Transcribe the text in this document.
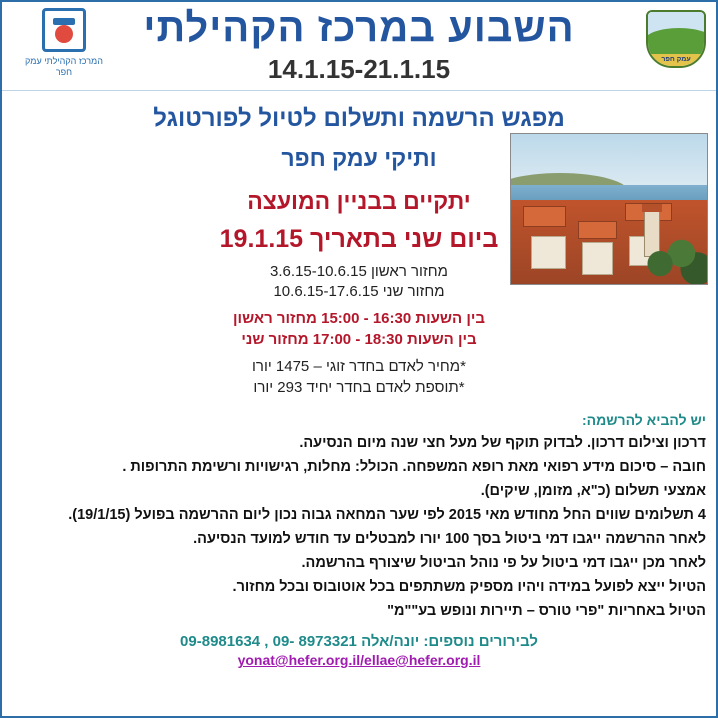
עמק חפר
השבוע במרכז הקהילתי
14.1.15-21.1.15
המרכז הקהילתי עמק חפר
מפגש הרשמה ותשלום לטיול לפורטוגל
ותיקי עמק חפר
יתקיים בבניין המועצה
ביום שני בתאריך 19.1.15
מחזור ראשון 3.6.15-10.6.15
מחזור שני 10.6.15-17.6.15
בין השעות 16:30 - 15:00 מחזור ראשון
בין השעות 18:30 - 17:00 מחזור שני
*מחיר לאדם בחדר זוגי – 1475 יורו
*תוספת לאדם בחדר יחיד 293 יורו
יש להביא להרשמה:
דרכון וצילום דרכון. לבדוק תוקף של מעל חצי שנה מיום הנסיעה.
חובה – סיכום מידע רפואי מאת רופא המשפחה. הכולל: מחלות, רגישויות ורשימת התרופות .
אמצעי תשלום (כ"א, מזומן, שיקים).
4 תשלומים שווים החל מחודש מאי 2015 לפי שער המחאה גבוה נכון ליום ההרשמה בפועל (19/1/15).
לאחר ההרשמה ייגבו דמי ביטול בסך 100 יורו למבטלים עד חודש למועד הנסיעה.
לאחר מכן ייגבו דמי ביטול על פי נוהל הביטול שיצורף בהרשמה.
הטיול ייצא לפועל במידה ויהיו מספיק משתתפים בכל אוטובוס ובכל מחזור.
הטיול באחריות "פרי טורס – תיירות ונופש בע""מ"
לבירורים נוספים: יונה/אלה 8973321 -09 , 09-8981634
yonat@hefer.org.il/ellae@hefer.org.il
